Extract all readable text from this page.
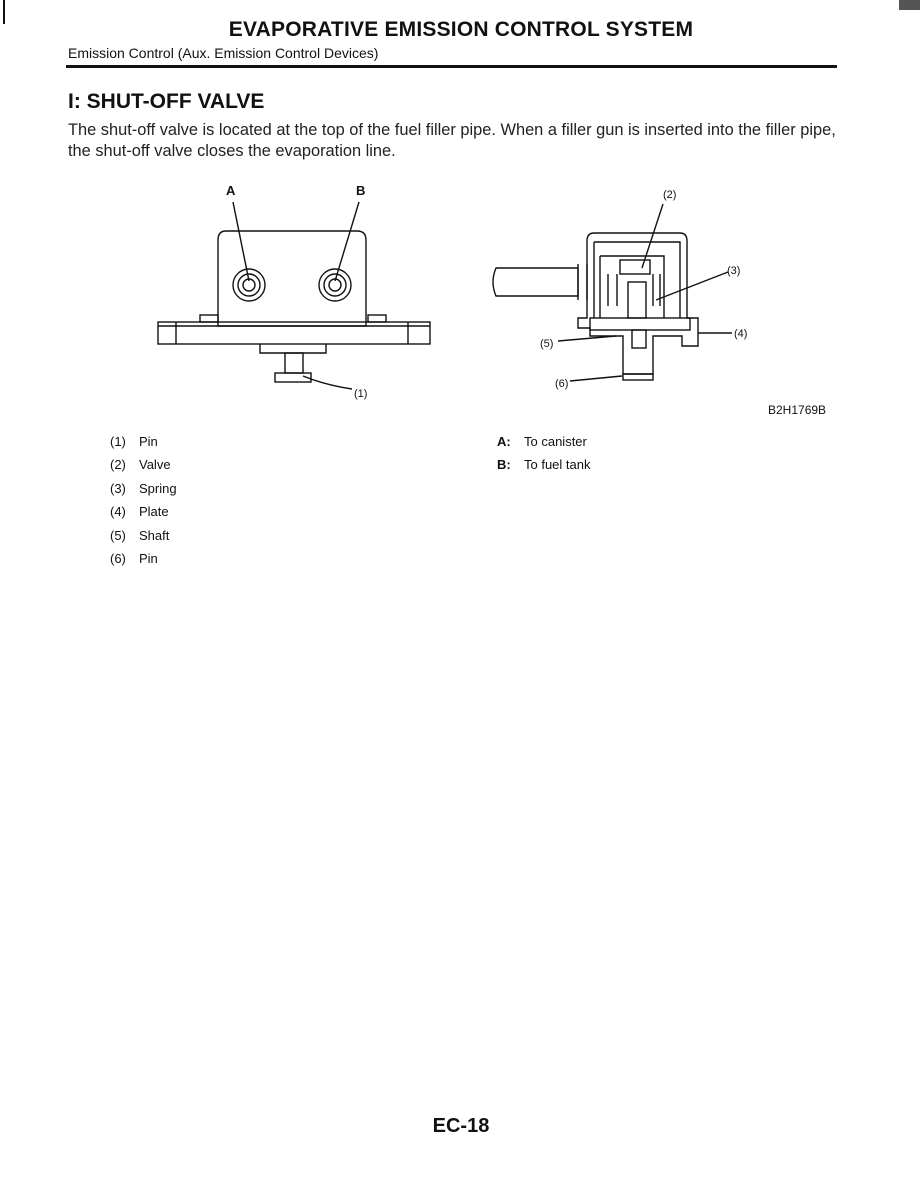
EVAPORATIVE EMISSION CONTROL SYSTEM
Emission Control (Aux. Emission Control Devices)
I: SHUT-OFF VALVE
The shut-off valve is located at the top of the fuel filler pipe. When a filler gun is inserted into the filler pipe, the shut-off valve closes the evaporation line.
A	B
(1)
(2)
(3)
(4)
(5)
(6)
B2H1769B
(1)	Pin
(2)	Valve
(3)	Spring
(4)	Plate
(5)	Shaft
(6)	Pin
A:	To canister
B:	To fuel tank
EC-18
